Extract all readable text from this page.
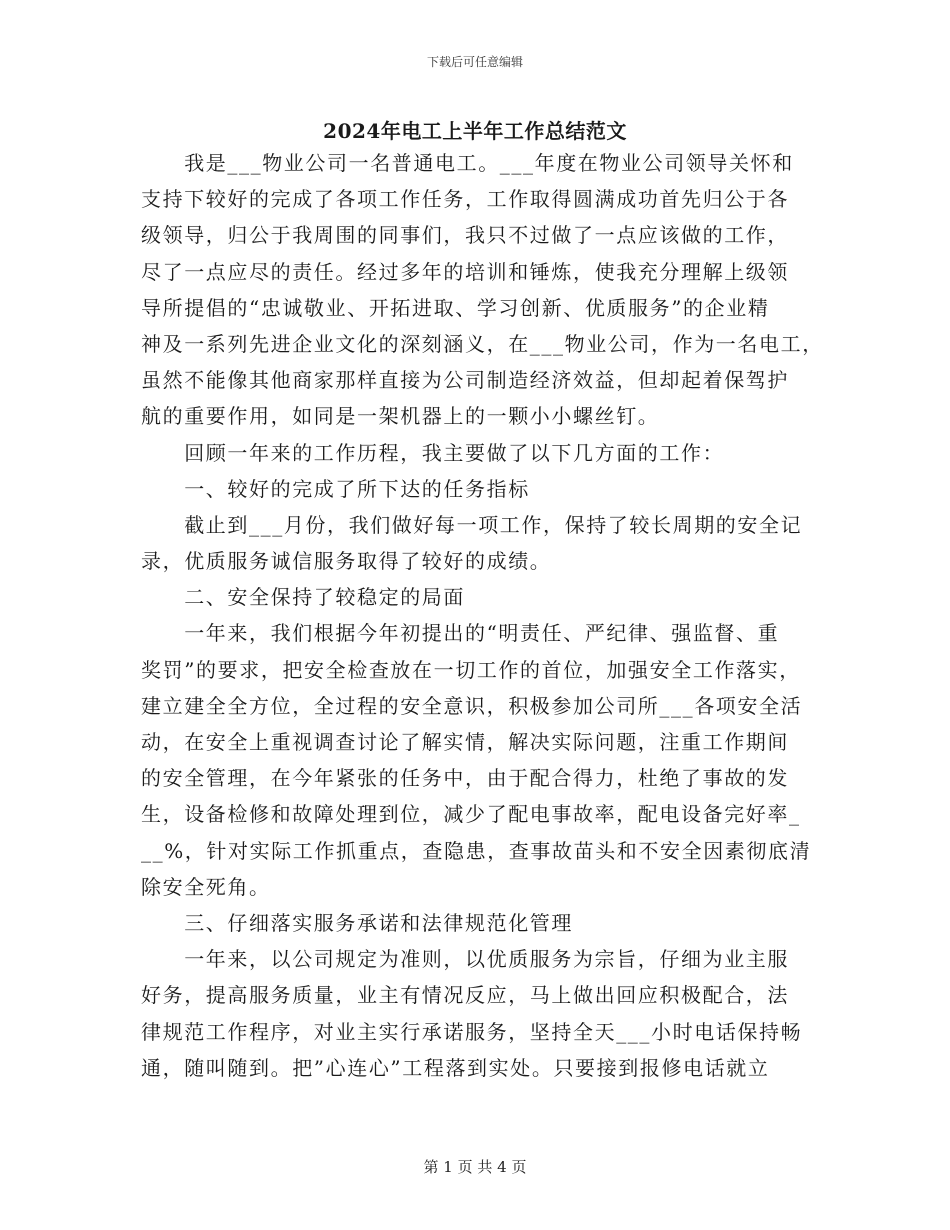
下载后可任意编辑
2024年电工上半年工作总结范文
　　我是___物业公司一名普通电工。___年度在物业公司领导关怀和
支持下较好的完成了各项工作任务，工作取得圆满成功首先归公于各
级领导，归公于我周围的同事们，我只不过做了一点应该做的工作，
尽了一点应尽的责任。经过多年的培训和锤炼，使我充分理解上级领
导所提倡的“忠诚敬业、开拓进取、学习创新、优质服务”的企业精
神及一系列先进企业文化的深刻涵义，在___物业公司，作为一名电工，
虽然不能像其他商家那样直接为公司制造经济效益，但却起着保驾护
航的重要作用，如同是一架机器上的一颗小小螺丝钉。
　　回顾一年来的工作历程，我主要做了以下几方面的工作：
　　一、较好的完成了所下达的任务指标
　　截止到___月份，我们做好每一项工作，保持了较长周期的安全记
录，优质服务诚信服务取得了较好的成绩。
　　二、安全保持了较稳定的局面
　　一年来，我们根据今年初提出的“明责任、严纪律、强监督、重
奖罚”的要求，把安全检查放在一切工作的首位，加强安全工作落实，
建立建全全方位，全过程的安全意识，积极参加公司所___各项安全活
动，在安全上重视调查讨论了解实情，解决实际问题，注重工作期间
的安全管理，在今年紧张的任务中，由于配合得力，杜绝了事故的发
生，设备检修和故障处理到位，减少了配电事故率，配电设备完好率_
__%，针对实际工作抓重点，查隐患，查事故苗头和不安全因素彻底清
除安全死角。
　　三、仔细落实服务承诺和法律规范化管理
　　一年来，以公司规定为准则，以优质服务为宗旨，仔细为业主服
好务，提高服务质量，业主有情况反应，马上做出回应积极配合，法
律规范工作程序，对业主实行承诺服务，坚持全天___小时电话保持畅
通，随叫随到。把”心连心”工程落到实处。只要接到报修电话就立
第 1 页 共 4 页
